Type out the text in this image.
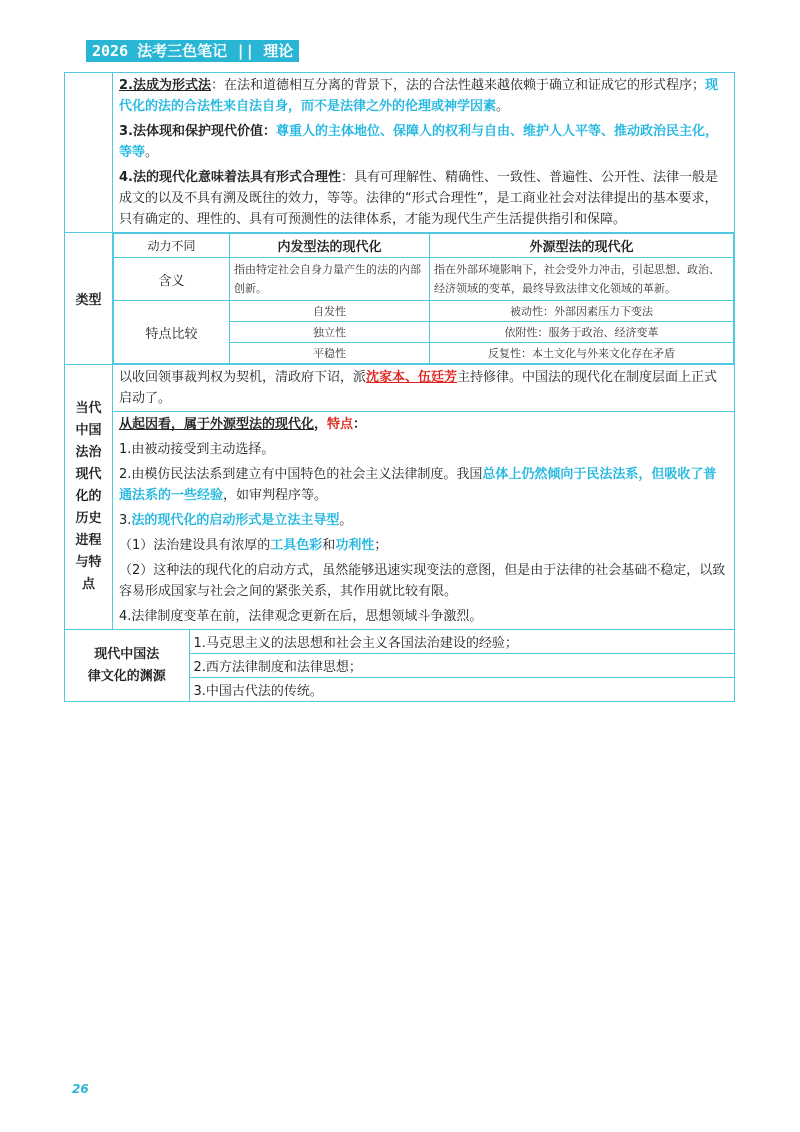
2026 法考三色笔记 || 理论

2.法成为形式法：在法和道德相互分离的背景下，法的合法性越来越依赖于确立和证成它的形式程序；现代化的法的合法性来自法自身，而不是法律之外的伦理或神学因素。
3.法体现和保护现代价值：尊重人的主体地位、保障人的权利与自由、维护人人平等、推动政治民主化，等等。
4.法的现代化意味着法具有形式合理性：具有可理解性、精确性、一致性、普遍性、公开性、法律一般是成文的以及不具有溯及既往的效力，等等。法律的“形式合理性”，是工商业社会对法律提出的基本要求，只有确定的、理性的、具有可预测性的法律体系，才能为现代生产生活提供指引和保障。

类型	
动力不同	内发型法的现代化	外源型法的现代化
含义	指由特定社会自身力量产生的法的内部创新。	指在外部环境影响下，社会受外力冲击，引起思想、政治、经济领域的变革，最终导致法律文化领域的革新。
特点比较	自发性	被动性：外部因素压力下变法
独立性	依附性：服务于政治、经济变革
平稳性	反复性：本土文化与外来文化存在矛盾

当代
中国
法治
现代
化的
历史
进程
与特
点

以收回领事裁判权为契机，清政府下诏，派沈家本、伍廷芳主持修律。中国法的现代化在制度层面上正式启动了。
从起因看，属于外源型法的现代化，特点：
1.由被动接受到主动选择。
2.由模仿民法法系到建立有中国特色的社会主义法律制度。我国总体上仍然倾向于民法法系，但吸收了普通法系的一些经验，如审判程序等。
3.法的现代化的启动形式是立法主导型。
（1）法治建设具有浓厚的工具色彩和功利性；
（2）这种法的现代化的启动方式，虽然能够迅速实现变法的意图，但是由于法律的社会基础不稳定，以致容易形成国家与社会之间的紧张关系，其作用就比较有限。
4.法律制度变革在前，法律观念更新在后，思想领域斗争激烈。

现代中国法
律文化的渊源
	1.马克思主义的法思想和社会主义各国法治建设的经验；
2.西方法律制度和法律思想；
3.中国古代法的传统。
26
